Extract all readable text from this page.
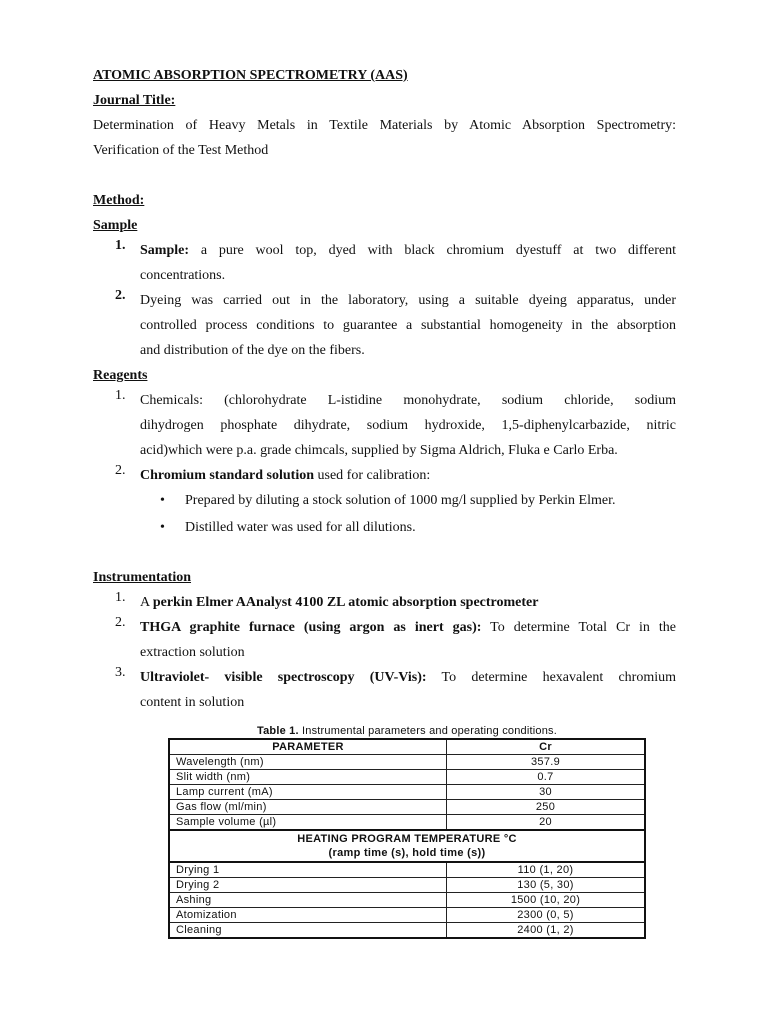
ATOMIC ABSORPTION SPECTROMETRY (AAS)
Journal Title:
Determination of Heavy Metals in Textile Materials by Atomic Absorption Spectrometry:
Verification of the Test Method
Method:
Sample
1. Sample: a pure wool top, dyed with black chromium dyestuff at two different
concentrations.
2. Dyeing was carried out in the laboratory, using a suitable dyeing apparatus, under
controlled process conditions to guarantee a substantial homogeneity in the absorption
and distribution of the dye on the fibers.
Reagents
1. Chemicals: (chlorohydrate L-istidine monohydrate, sodium chloride, sodium
dihydrogen phosphate dihydrate, sodium hydroxide, 1,5-diphenylcarbazide, nitric
acid)which were p.a. grade chimcals, supplied by Sigma Aldrich, Fluka e Carlo Erba.
2. Chromium standard solution used for calibration:
• Prepared by diluting a stock solution of 1000 mg/l supplied by Perkin Elmer.
• Distilled water was used for all dilutions.
Instrumentation
1. A perkin Elmer AAnalyst 4100 ZL atomic absorption spectrometer
2. THGA graphite furnace (using argon as inert gas): To determine Total Cr in the
extraction solution
3. Ultraviolet- visible spectroscopy (UV-Vis): To determine hexavalent chromium
content in solution
Table 1. Instrumental parameters and operating conditions.
PARAMETER	Cr
Wavelength (nm)	357.9
Slit width (nm)	0.7
Lamp current (mA)	30
Gas flow (ml/min)	250
Sample volume (µl)	20

HEATING PROGRAM TEMPERATURE °C
(ramp time (s), hold time (s))	

Drying 1	110 (1, 20)
Drying 2	130 (5, 30)
Ashing	1500 (10, 20)
Atomization	2300 (0, 5)
Cleaning	2400 (1, 2)
